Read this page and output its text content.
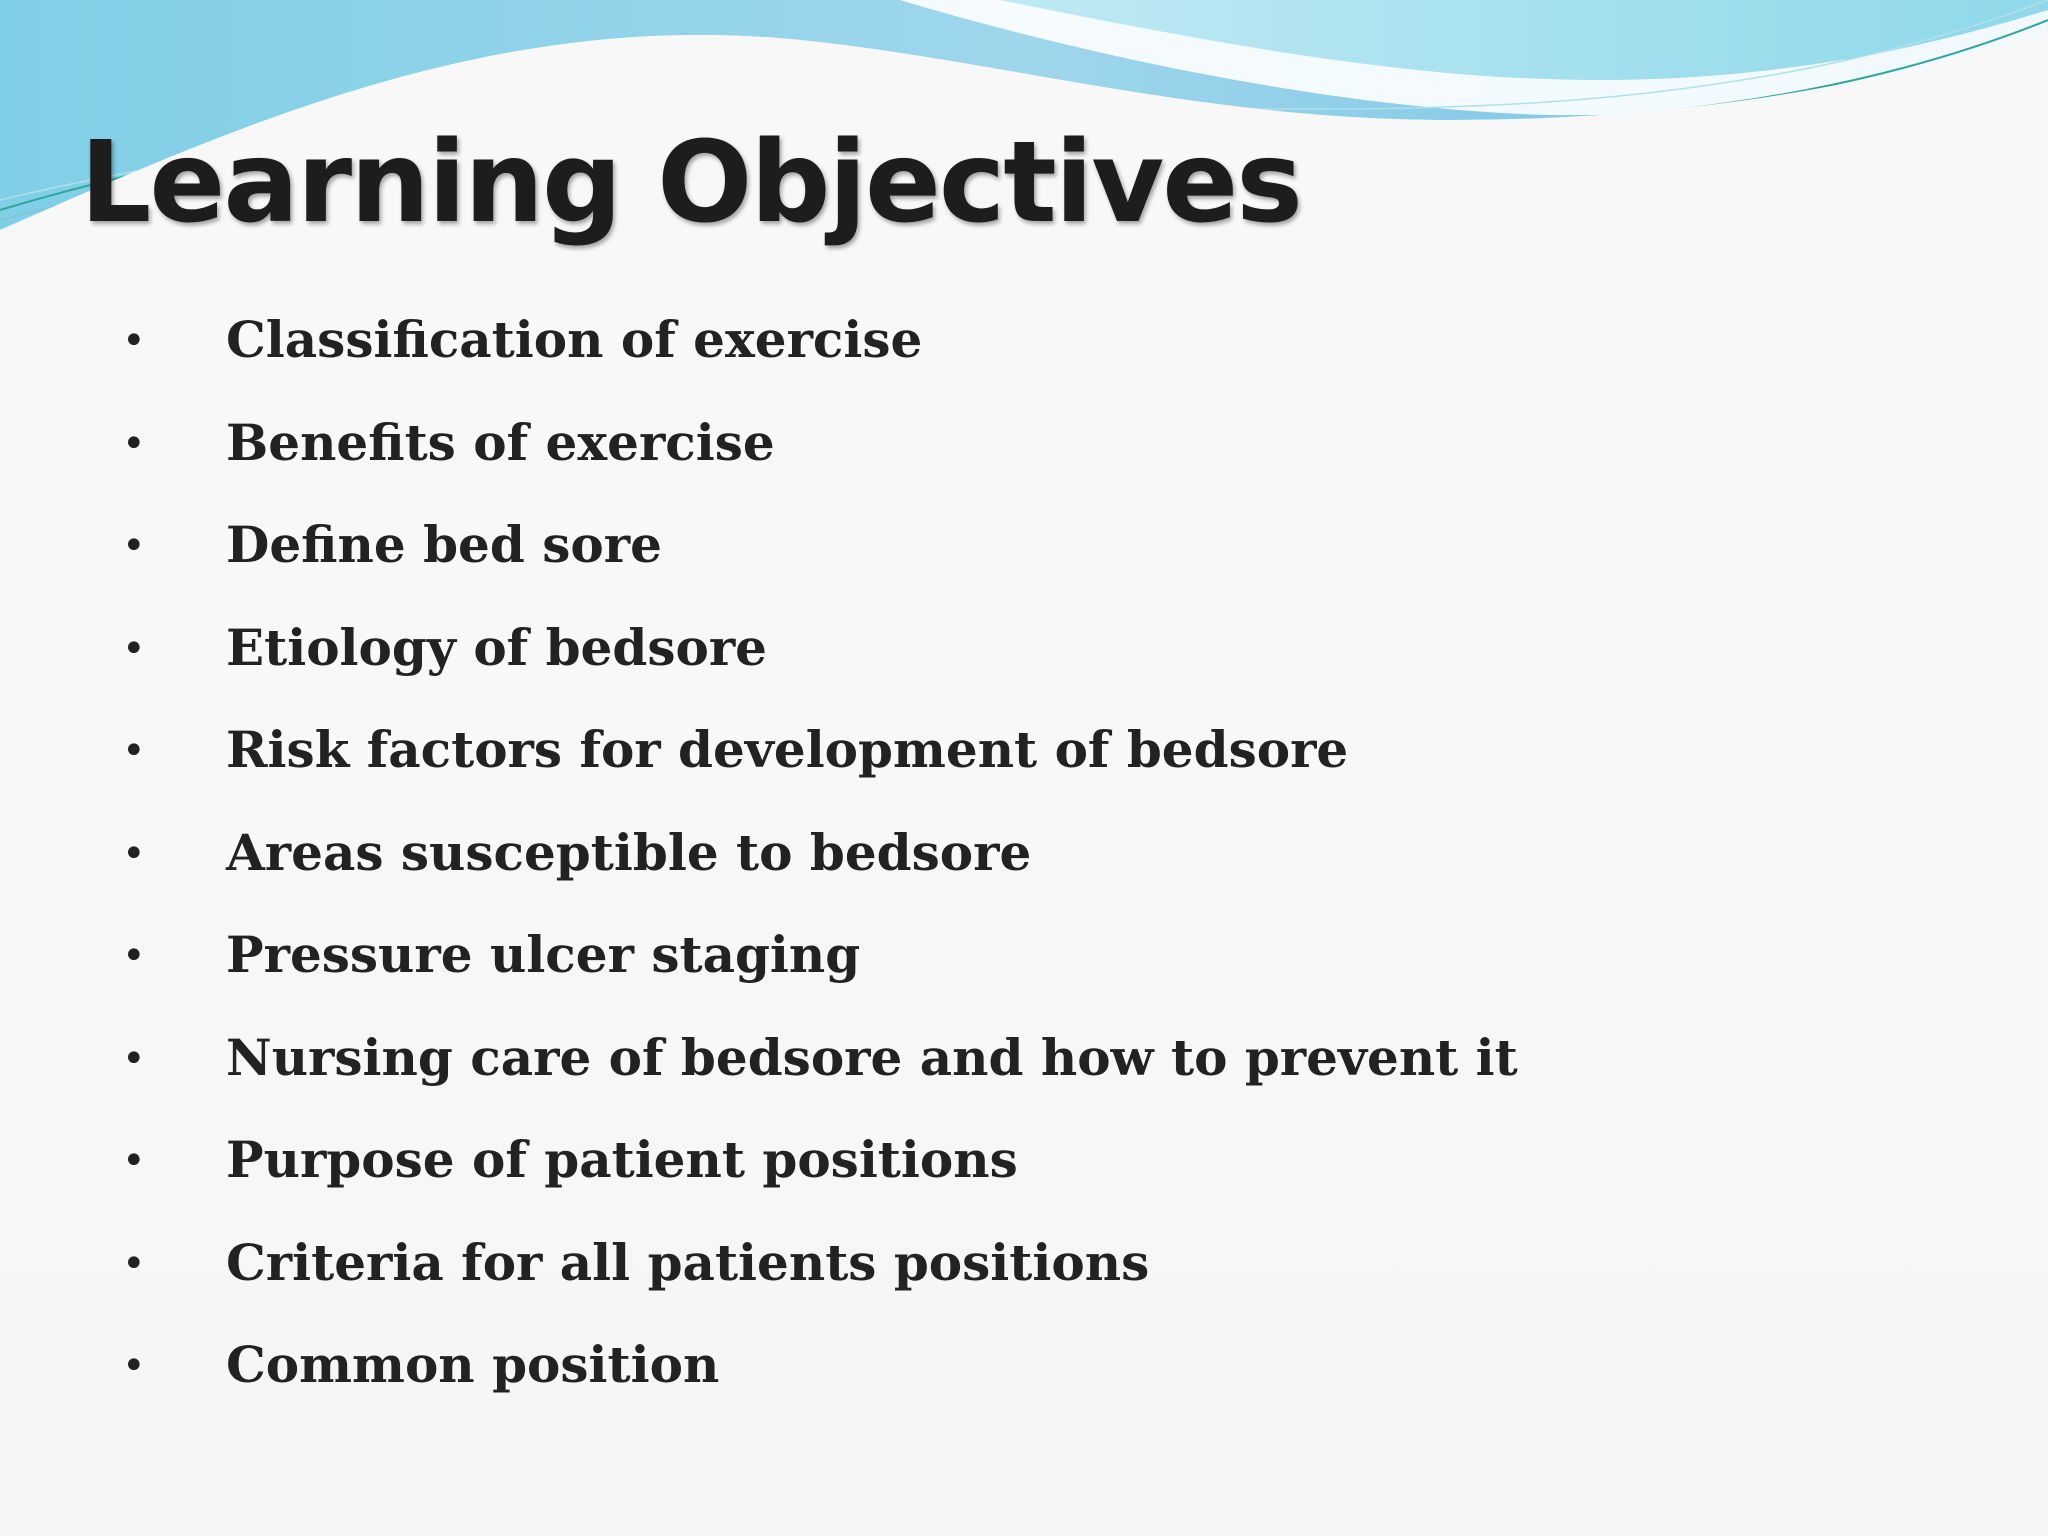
Learning Objectives
• Classification of exercise
• Benefits of exercise
• Define bed sore
• Etiology of bedsore
• Risk factors for development of bedsore
• Areas susceptible to bedsore
• Pressure ulcer staging
• Nursing care of bedsore and how to prevent it
• Purpose of patient positions
• Criteria for all patients positions
• Common position
